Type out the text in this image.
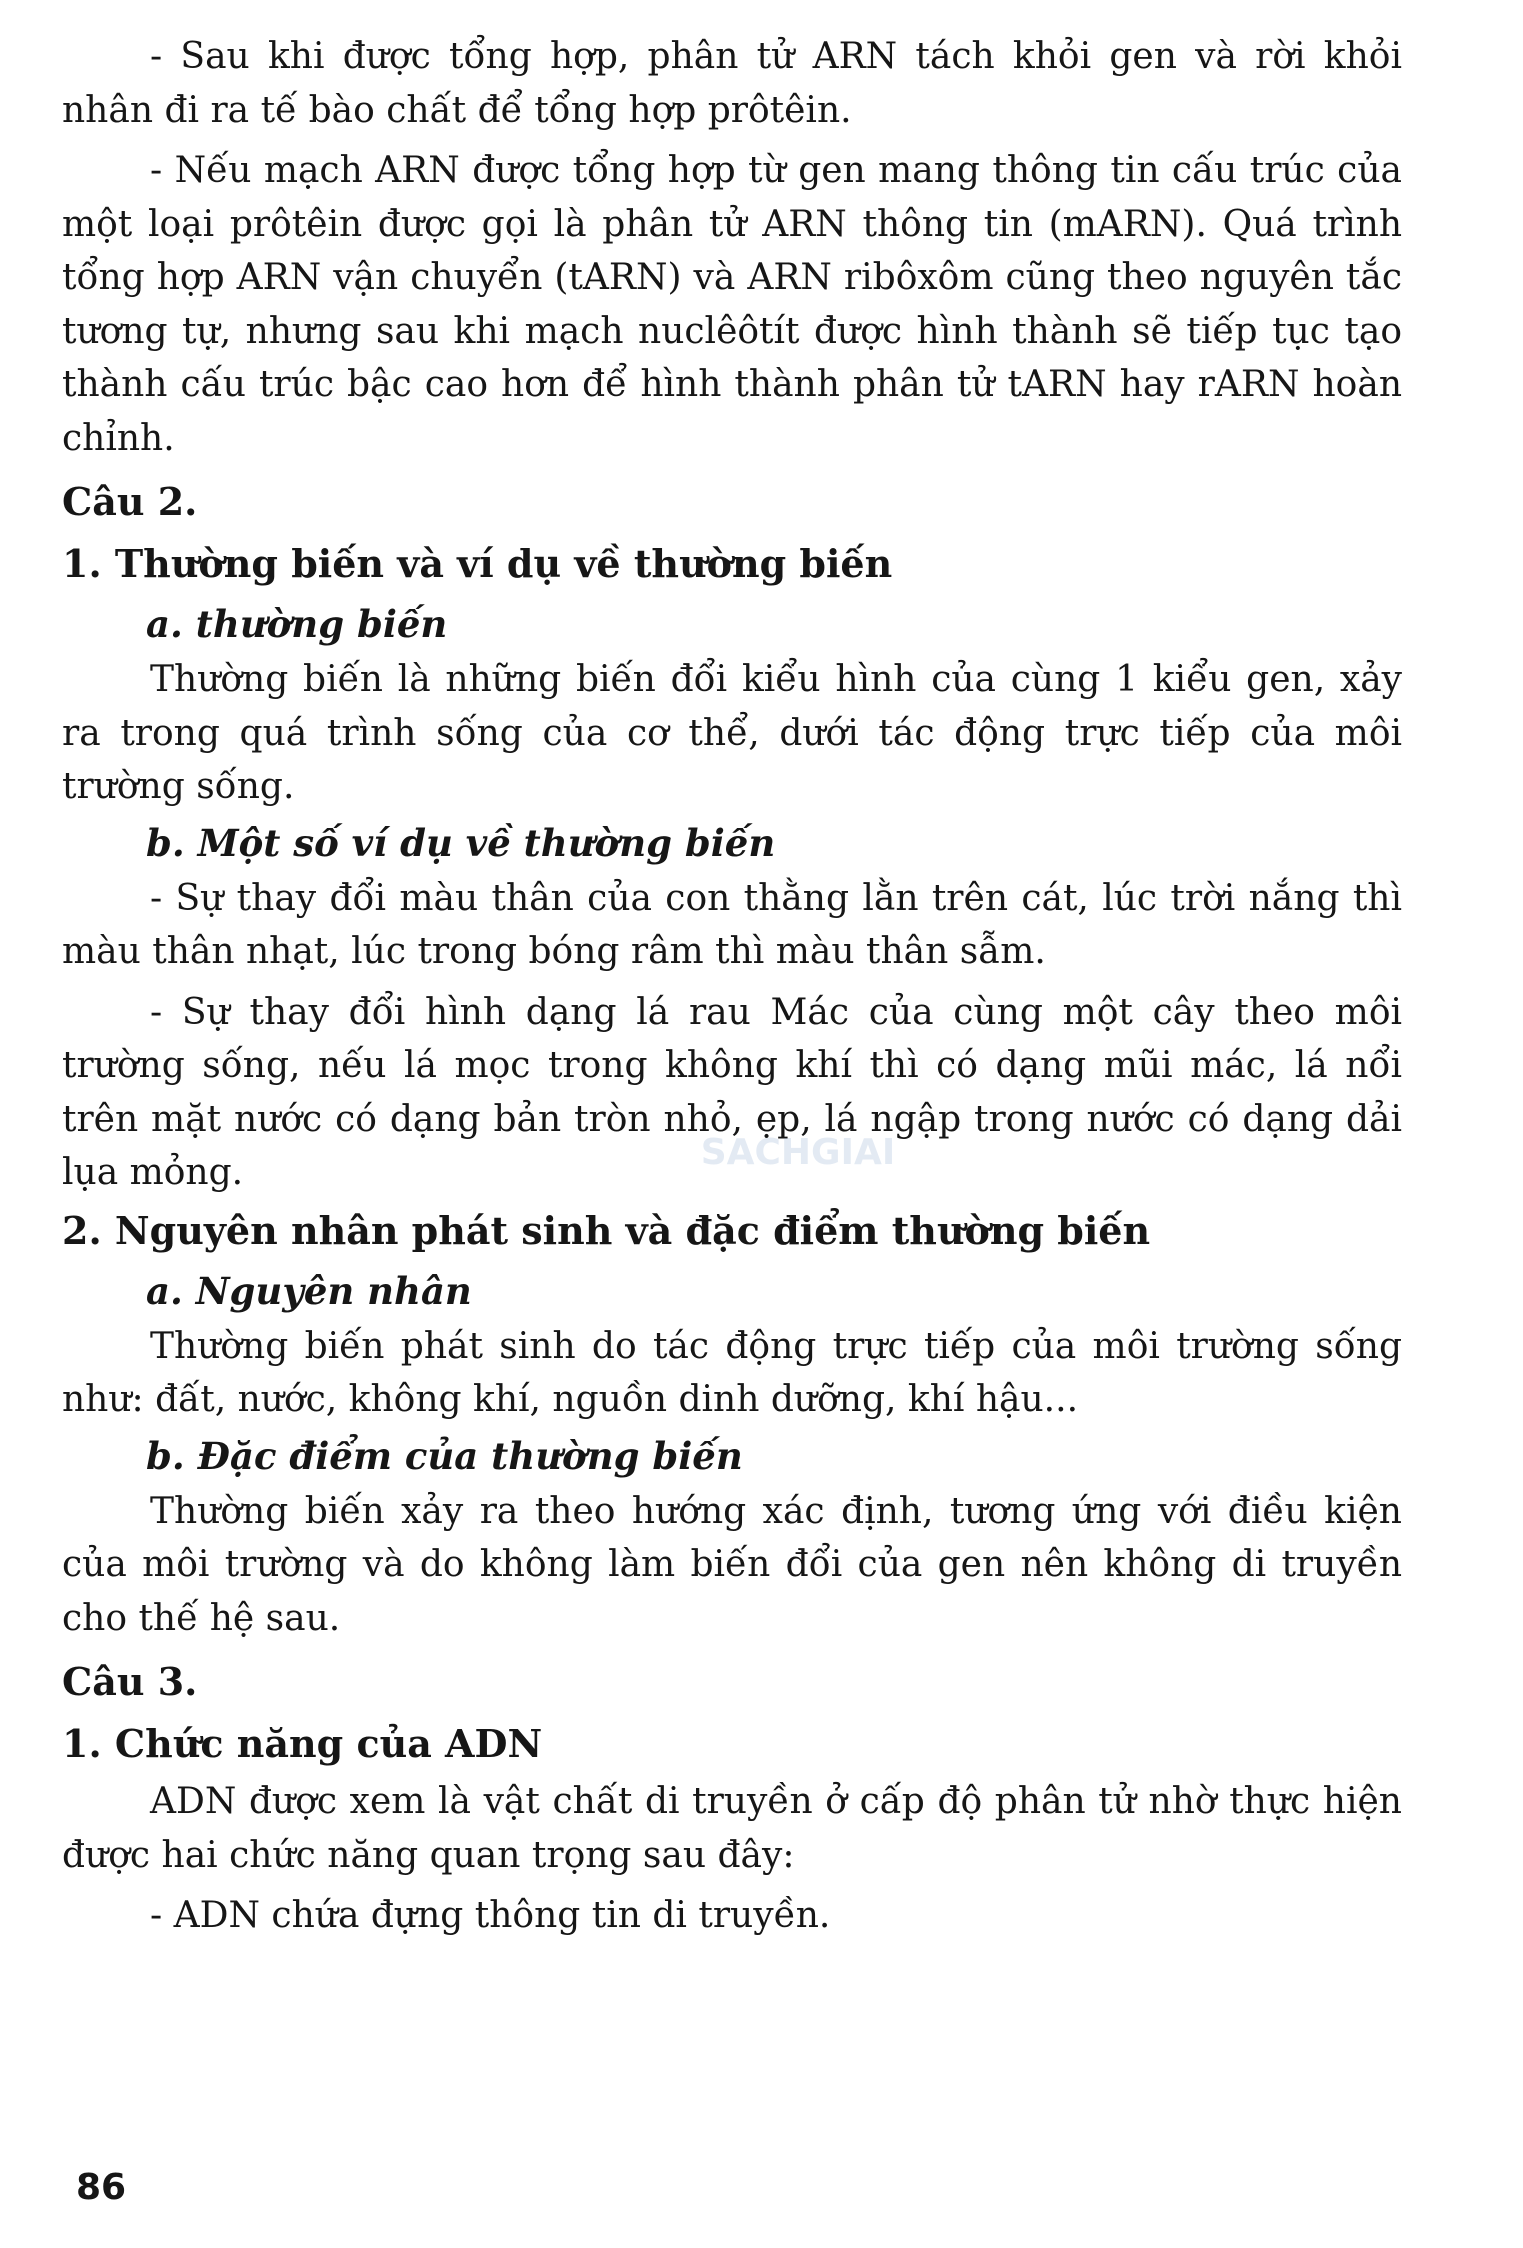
- Sau khi được tổng hợp, phân tử ARN tách khỏi gen và rời khỏi nhân đi ra tế bào chất để tổng hợp prôtêin.

- Nếu mạch ARN được tổng hợp từ gen mang thông tin cấu trúc của một loại prôtêin được gọi là phân tử ARN thông tin (mARN). Quá trình tổng hợp ARN vận chuyển (tARN) và ARN ribôxôm cũng theo nguyên tắc tương tự, nhưng sau khi mạch nuclêôtít được hình thành sẽ tiếp tục tạo thành cấu trúc bậc cao hơn để hình thành phân tử tARN hay rARN hoàn chỉnh.

Câu 2.
1. Thường biến và ví dụ về thường biến
a. thường biến

Thường biến là những biến đổi kiểu hình của cùng 1 kiểu gen, xảy ra trong quá trình sống của cơ thể, dưới tác động trực tiếp của môi trường sống.

b. Một số ví dụ về thường biến

- Sự thay đổi màu thân của con thằng lằn trên cát, lúc trời nắng thì màu thân nhạt, lúc trong bóng râm thì màu thân sẫm.

- Sự thay đổi hình dạng lá rau Mác của cùng một cây theo môi trường sống, nếu lá mọc trong không khí thì có dạng mũi mác, lá nổi trên mặt nước có dạng bản tròn nhỏ, ẹp, lá ngập trong nước có dạng dải lụa mỏng.

2. Nguyên nhân phát sinh và đặc điểm thường biến
a. Nguyên nhân

Thường biến phát sinh do tác động trực tiếp của môi trường sống như: đất, nước, không khí, nguồn dinh dưỡng, khí hậu...

b. Đặc điểm của thường biến

Thường biến xảy ra theo hướng xác định, tương ứng với điều kiện của môi trường và do không làm biến đổi của gen nên không di truyền cho thế hệ sau.

Câu 3.
1. Chức năng của ADN

ADN được xem là vật chất di truyền ở cấp độ phân tử nhờ thực hiện được hai chức năng quan trọng sau đây:

- ADN chứa đựng thông tin di truyền.

SACHGIAI
86
